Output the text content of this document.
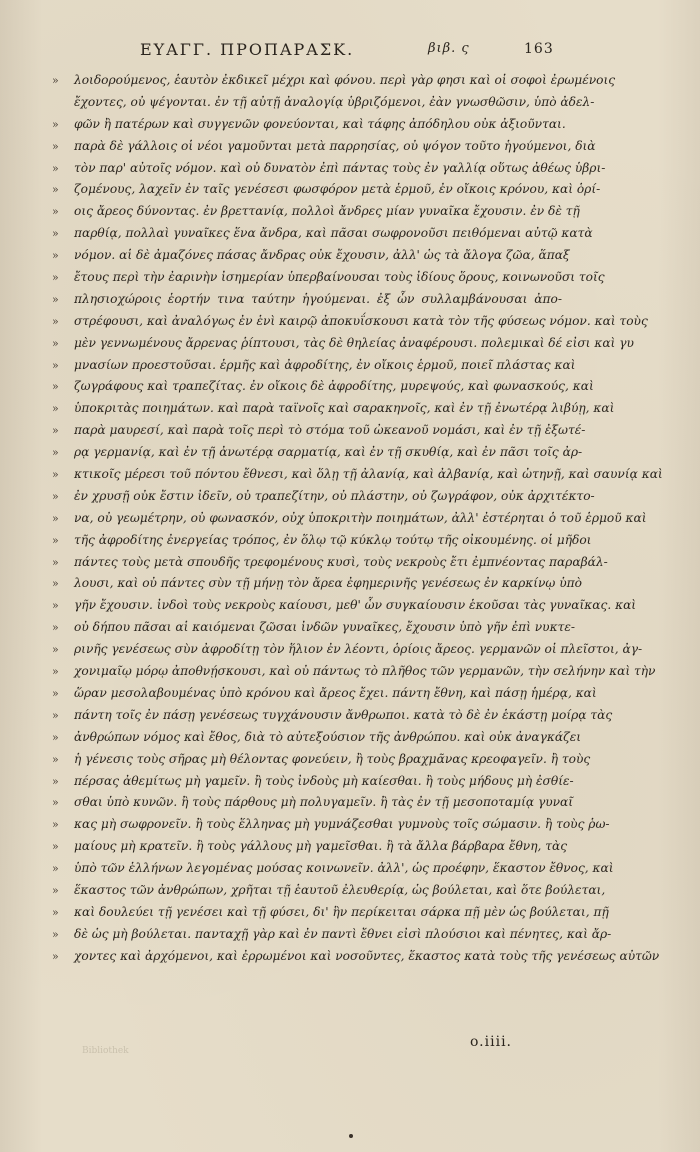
ΕΥΑΓΓ. ΠΡΟΠΑΡΑΣΚ.	βιβ. ς	163
» λοιδορούμενος, ἑαυτὸν ἐκδικεῖ μέχρι καὶ φόνου. περὶ γὰρ φησι καὶ οἱ σοφοὶ ἐρωμένοις
ἔχοντες, οὐ ψέγονται. ἐν τῇ αὐτῇ ἀναλογίᾳ ὑβριζόμενοι, ἐὰν γνωσθῶσιν, ὑπὸ ἀδελ-
» φῶν ἢ πατέρων καὶ συγγενῶν φονεύονται, καὶ τάφης ἀπόδηλου οὐκ ἀξιοῦνται.
» παρὰ δὲ γάλλοις οἱ νέοι γαμοῦνται μετὰ παρρησίας, οὐ ψόγον τοῦτο ἡγούμενοι, διὰ
» τὸν παρ' αὐτοῖς νόμον. καὶ οὐ δυνατὸν ἐπὶ πάντας τοὺς ἐν γαλλίᾳ οὕτως ἀθέως ὑβρι-
» ζομένους, λαχεῖν ἐν ταῖς γενέσεσι φωσφόρον μετὰ ἑρμοῦ, ἐν οἴκοις κρόνου, καὶ ὁρί-
» οις ἄρεος δύνοντας. ἐν βρεττανίᾳ, πολλοὶ ἄνδρες μίαν γυναῖκα ἔχουσιν. ἐν δὲ τῇ
» παρθίᾳ, πολλαὶ γυναῖκες ἕνα ἄνδρα, καὶ πᾶσαι σωφρονοῦσι πειθόμεναι αὐτῷ κατὰ
» νόμον. αἱ δὲ ἀμαζόνες πάσας ἄνδρας οὐκ ἔχουσιν, ἀλλ' ὡς τὰ ἄλογα ζῶα, ἅπαξ
» ἔτους περὶ τὴν ἐαρινὴν ἰσημερίαν ὑπερβαίνουσαι τοὺς ἰδίους ὅρους, κοινωνοῦσι τοῖς
» πλησιοχώροις ἑορτήν τινα ταύτην ἡγούμεναι. ἐξ ὧν συλλαμβάνουσαι ἀπο-
» στρέφουσι, καὶ ἀναλόγως ἐν ἑνὶ καιρῷ ἀποκυΐσκουσι κατὰ τὸν τῆς φύσεως νόμον. καὶ τοὺς
» μὲν γεννωμένους ἄρρενας ῥίπτουσι, τὰς δὲ θηλείας ἀναφέρουσι. πολεμικαὶ δέ εἰσι καὶ γυ
» μνασίων προεστοῦσαι. ἑρμῆς καὶ ἀφροδίτης, ἐν οἴκοις ἑρμοῦ, ποιεῖ πλάστας καὶ
» ζωγράφους καὶ τραπεζίτας. ἐν οἴκοις δὲ ἀφροδίτης, μυρεψούς, καὶ φωνασκούς, καὶ
» ὑποκριτὰς ποιημάτων. καὶ παρὰ ταϊνοῖς καὶ σαρακηνοῖς, καὶ ἐν τῇ ἐνωτέρᾳ λιβύῃ, καὶ
» παρὰ μαυρεσί, καὶ παρὰ τοῖς περὶ τὸ στόμα τοῦ ὠκεανοῦ νομάσι, καὶ ἐν τῇ ἐξωτέ-
» ρᾳ γερμανίᾳ, καὶ ἐν τῇ ἀνωτέρᾳ σαρματίᾳ, καὶ ἐν τῇ σκυθίᾳ, καὶ ἐν πᾶσι τοῖς ἀρ-
» κτικοῖς μέρεσι τοῦ πόντου ἔθνεσι, καὶ ὅλῃ τῇ ἀλανίᾳ, καὶ ἀλβανίᾳ, καὶ ὠτηνῇ, καὶ σαυνίᾳ καὶ
» ἐν χρυσῇ οὐκ ἔστιν ἰδεῖν, οὐ τραπεζίτην, οὐ πλάστην, οὐ ζωγράφον, οὐκ ἀρχιτέκτο-
» να, οὐ γεωμέτρην, οὐ φωνασκόν, οὐχ ὑποκριτὴν ποιημάτων, ἀλλ' ἐστέρηται ὁ τοῦ ἑρμοῦ καὶ
» τῆς ἀφροδίτης ἐνεργείας τρόπος, ἐν ὅλῳ τῷ κύκλῳ τούτῳ τῆς οἰκουμένης. οἱ μῆδοι
» πάντες τοὺς μετὰ σπουδῆς τρεφομένους κυσὶ, τοὺς νεκροὺς ἔτι ἐμπνέοντας παραβάλ-
» λουσι, καὶ οὐ πάντες σὺν τῇ μήνῃ τὸν ἄρεα ἐφημερινῆς γενέσεως ἐν καρκίνῳ ὑπὸ
» γῆν ἔχουσιν. ἰνδοὶ τοὺς νεκροὺς καίουσι, μεθ' ὧν συγκαίουσιν ἑκοῦσαι τὰς γυναῖκας. καὶ
» οὐ δήπου πᾶσαι αἱ καιόμεναι ζῶσαι ἰνδῶν γυναῖκες, ἔχουσιν ὑπὸ γῆν ἐπὶ νυκτε-
» ρινῆς γενέσεως σὺν ἀφροδίτῃ τὸν ἥλιον ἐν λέοντι, ὁρίοις ἄρεος. γερμανῶν οἱ πλεῖστοι, ἀγ-
» χονιμαῖῳ μόρῳ ἀποθνῄσκουσι, καὶ οὐ πάντως τὸ πλῆθος τῶν γερμανῶν, τὴν σελήνην καὶ τὴν
» ὥραν μεσολαβουμένας ὑπὸ κρόνου καὶ ἄρεος ἔχει. πάντη ἔθνη, καὶ πάσῃ ἡμέρᾳ, καὶ
» πάντη τοῖς ἐν πάσῃ γενέσεως τυγχάνουσιν ἄνθρωποι. κατὰ τὸ δὲ ἐν ἑκάστῃ μοίρᾳ τὰς
» ἀνθρώπων νόμος καὶ ἔθος, διὰ τὸ αὐτεξούσιον τῆς ἀνθρώπου. καὶ οὐκ ἀναγκάζει
» ἡ γένεσις τοὺς σῆρας μὴ θέλοντας φονεύειν, ἢ τοὺς βραχμᾶνας κρεοφαγεῖν. ἢ τοὺς
» πέρσας ἀθεμίτως μὴ γαμεῖν. ἢ τοὺς ἰνδοὺς μὴ καίεσθαι. ἢ τοὺς μήδους μὴ ἐσθίε-
» σθαι ὑπὸ κυνῶν. ἢ τοὺς πάρθους μὴ πολυγαμεῖν. ἢ τὰς ἐν τῇ μεσοποταμίᾳ γυναῖ
» κας μὴ σωφρονεῖν. ἢ τοὺς ἕλληνας μὴ γυμνάζεσθαι γυμνοὺς τοῖς σώμασιν. ἢ τοὺς ῥω-
» μαίους μὴ κρατεῖν. ἢ τοὺς γάλλους μὴ γαμεῖσθαι. ἢ τὰ ἄλλα βάρβαρα ἔθνη, τὰς
» ὑπὸ τῶν ἑλλήνων λεγομένας μούσας κοινωνεῖν. ἀλλ', ὡς προέφην, ἕκαστον ἔθνος, καὶ
» ἕκαστος τῶν ἀνθρώπων, χρῆται τῇ ἑαυτοῦ ἐλευθερίᾳ, ὡς βούλεται, καὶ ὅτε βούλεται,
» καὶ δουλεύει τῇ γενέσει καὶ τῇ φύσει, δι' ἣν περίκειται σάρκα πῇ μὲν ὡς βούλεται, πῇ
» δὲ ὡς μὴ βούλεται. πανταχῇ γὰρ καὶ ἐν παντὶ ἔθνει εἰσὶ πλούσιοι καὶ πένητες, καὶ ἄρ-
» χοντες καὶ ἀρχόμενοι, καὶ ἐρρωμένοι καὶ νοσοῦντες, ἕκαστος κατὰ τοὺς τῆς γενέσεως αὐτῶν
Bibliothek
o.iiii.
